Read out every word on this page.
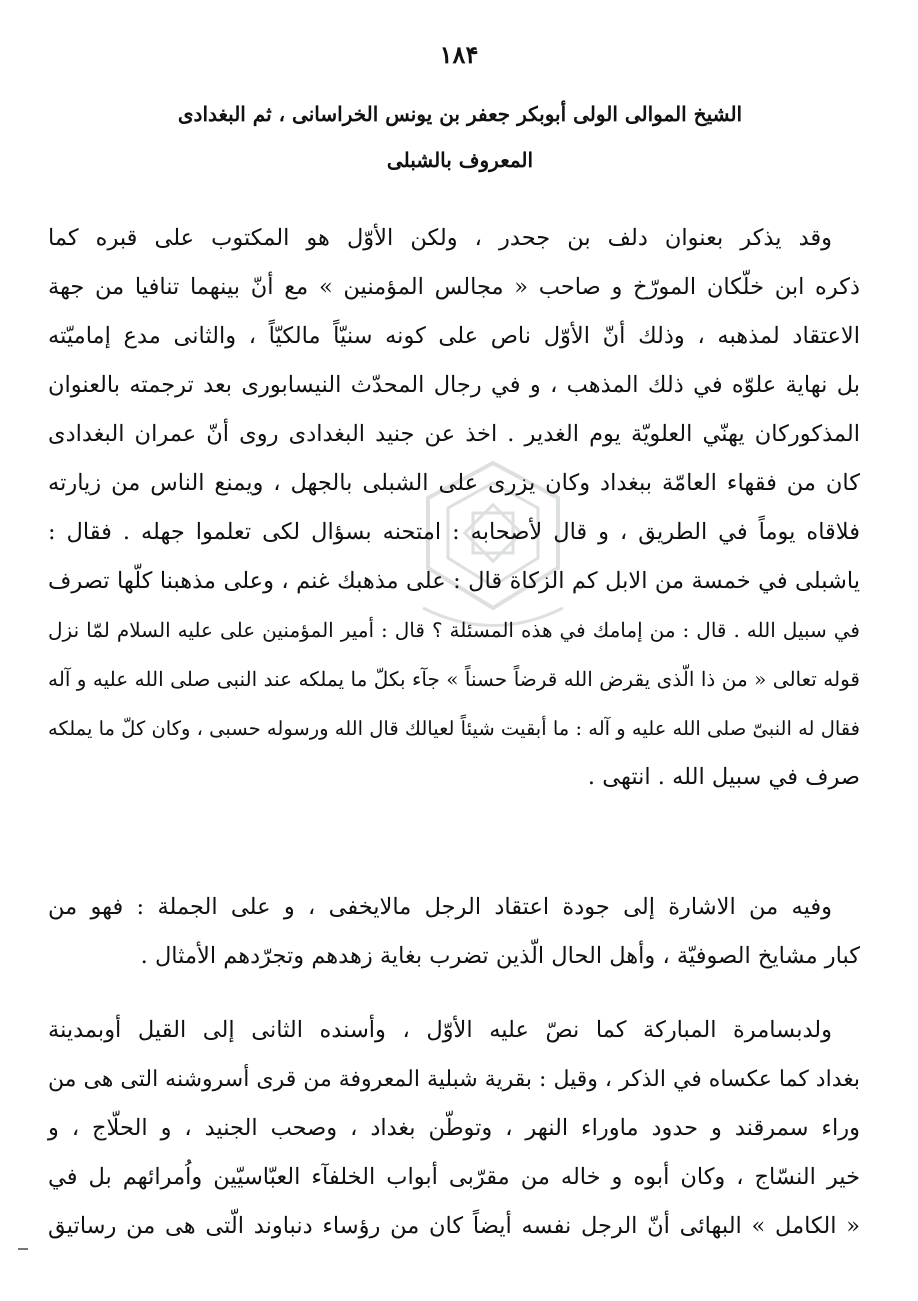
١٨۴
الشيخ الموالى الولى أبوبكر جعفر بن يونس الخراسانى ، ثم البغدادى
المعروف بالشبلى
وقد يذكر بعنوان دلف بن جحدر ، ولكن الأوّل هو المكتوب على قبره كما
ذكره ابن خلّكان المورّخ و صاحب « مجالس المؤمنين » مع أنّ بينهما تنافيا من جهة
الاعتقاد لمذهبه ، وذلك أنّ الأوّل ناص على كونه سنيّاً مالكيّاً ، والثانى مدع إماميّته
بل نهاية علوّه في ذلك المذهب ، و في رجال المحدّث النيسابورى بعد ترجمته بالعنوان
المذكوركان يهنّي العلويّة يوم الغدير . اخذ عن جنيد البغدادى روى أنّ عمران البغدادى
كان من فقهاء العامّة ببغداد وكان يزرى على الشبلى بالجهل ، ويمنع الناس من زيارته
فلاقاه يوماً في الطريق ، و قال لأصحابه : امتحنه بسؤال لكى تعلموا جهله . فقال :
ياشبلى في خمسة من الابل كم الزكاة قال : على مذهبك غنم ، وعلى مذهبنا كلّها تصرف
في سبيل الله . قال : من إمامك في هذه المسئلة ؟ قال : أمير المؤمنين على عليه السلام لمّا نزل
قوله تعالى « من ذا الّذى يقرض الله قرضاً حسناً » جآء بكلّ ما يملكه عند النبى صلى الله عليه و آله
فقال له النبىّ صلى الله عليه و آله : ما أبقيت شيئاً لعيالك قال الله ورسوله حسبى ، وكان كلّ ما يملكه
صرف في سبيل الله . انتهى .
وفيه من الاشارة إلى جودة اعتقاد الرجل مالايخفى ، و على الجملة : فهو من
كبار مشايخ الصوفيّة ، وأهل الحال الّذين تضرب بغاية زهدهم وتجرّدهم الأمثال .
ولدبسامرة المباركة كما نصّ عليه الأوّل ، وأسنده الثانى إلى القيل أوبمدينة
بغداد كما عكساه في الذكر ، وقيل : بقرية شبلية المعروفة من قرى أسروشنه التى هى من
وراء سمرقند و حدود ماوراء النهر ، وتوطّن بغداد ، وصحب الجنيد ، و الحلّاج ، و
خير النسّاج ، وكان أبوه و خاله من مقرّبى أبواب الخلفآء العبّاسيّين واُمرائهم بل في
« الكامل » البهائى أنّ الرجل نفسه أيضاً كان من رؤساء دنباوند الّتى هى من رساتيق
